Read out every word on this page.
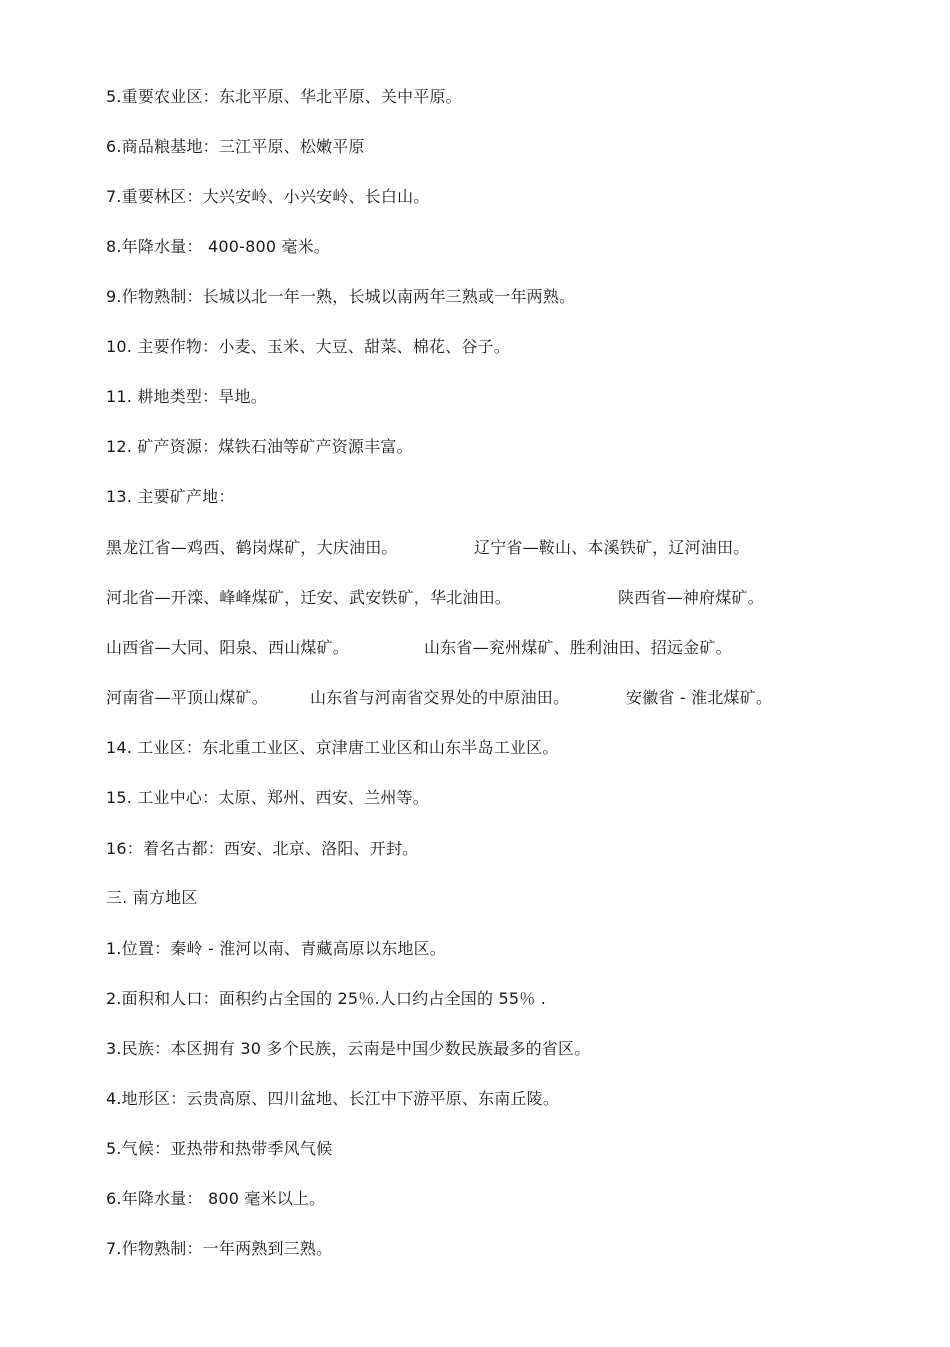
5.重要农业区：东北平原、华北平原、关中平原。
6.商品粮基地：三江平原、松嫩平原
7.重要林区：大兴安岭、小兴安岭、长白山。
8.年降水量： 400-800 毫米。
9.作物熟制：长城以北一年一熟，长城以南两年三熟或一年两熟。
10. 主要作物：小麦、玉米、大豆、甜菜、棉花、谷子。
11. 耕地类型：旱地。
12. 矿产资源：煤铁石油等矿产资源丰富。
13. 主要矿产地：
黑龙江省—鸡西、鹤岗煤矿，大庆油田。	辽宁省—鞍山、本溪铁矿，辽河油田。
河北省—开滦、峰峰煤矿，迁安、武安铁矿，华北油田。	陕西省—神府煤矿。
山西省—大同、阳泉、西山煤矿。	山东省—兖州煤矿、胜利油田、招远金矿。
河南省—平顶山煤矿。	山东省与河南省交界处的中原油田。	安徽省 - 淮北煤矿。
14. 工业区：东北重工业区、京津唐工业区和山东半岛工业区。
15. 工业中心：太原、郑州、西安、兰州等。
16：着名古都：西安、北京、洛阳、开封。
三. 南方地区
1.位置：秦岭 - 淮河以南、青藏高原以东地区。
2.面积和人口：面积约占全国的 25％.人口约占全国的 55％ .
3.民族：本区拥有 30 多个民族，云南是中国少数民族最多的省区。
4.地形区：云贵高原、四川盆地、长江中下游平原、东南丘陵。
5.气候：亚热带和热带季风气候
6.年降水量： 800 毫米以上。
7.作物熟制：一年两熟到三熟。
